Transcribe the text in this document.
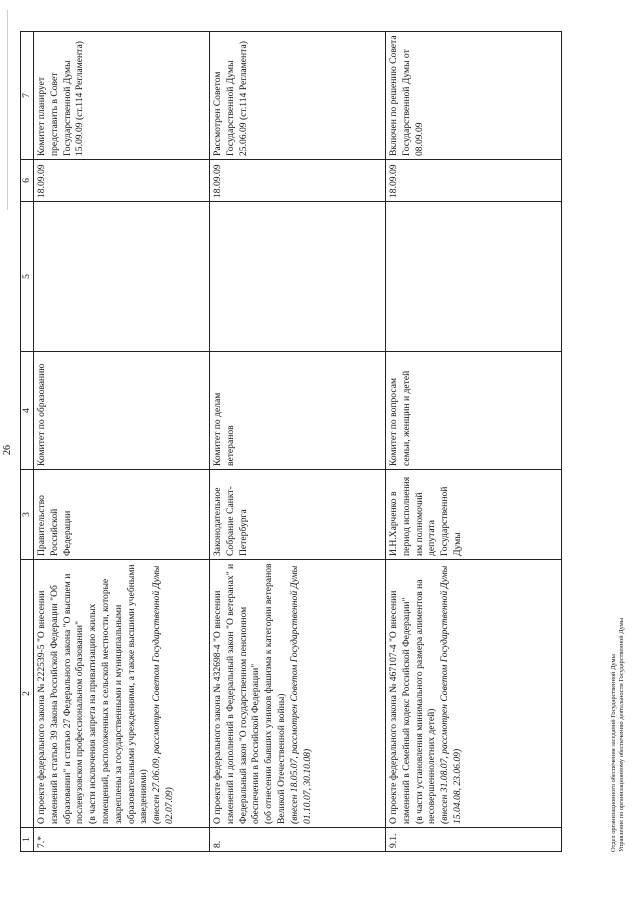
26
1	2	3	4	5	6	7
7.*	О проекте федерального закона № 222539-5 "О внесении изменений в статью 39 Закона Российской Федерации "Об образовании" и статью 27 Федерального закона "О высшем и послевузовском профессиональном образовании" (в части исключения запрета на приватизацию жилых помещений, расположенных в сельской местности, которые закреплены за государственными и муниципальными образовательными учреждениями, а также высшими учебными заведениями) (внесен 27.06.09, рассмотрен Советом Государственной Думы 02.07.09)	Правительство Российской Федерации	Комитет по образованию		18.09.09	Комитет планирует представить в Совет Государственной Думы 15.09.09 (ст.114 Регламента)
8.	О проекте федерального закона № 432698-4 "О внесении изменений и дополнений в Федеральный закон "О ветеранах" и Федеральный закон "О государственном пенсионном обеспечении в Российской Федерации" (об отнесении бывших узников фашизма к категории ветеранов Великой Отечественной войны) (внесен 18.05.07, рассмотрен Советом Государственной Думы 01.10.07, 30.10.08)	Законодательное Собрание Санкт-Петербурга	Комитет по делам ветеранов		18.09.09	Рассмотрен Советом Государственной Думы 25.06.09 (ст.114 Регламента)
9.1.	О проекте федерального закона № 467107-4 "О внесении изменений в Семейный кодекс Российской Федерации" (в части установления минимального размера алиментов на несовершеннолетних детей) (внесен 31.08.07, рассмотрен Советом Государственной Думы 15.04.08, 23.06.09)	И.Н.Харченко в период исполнения им полномочий депутата Государственной Думы	Комитет по вопросам семьи, женщин и детей		18.09.09	Включен по решению Совета Государственной Думы от 08.09.09
Отдел организационного обеспечения заседаний Государственной Думы Управление по организационному обеспечению деятельности Государственной Думы
